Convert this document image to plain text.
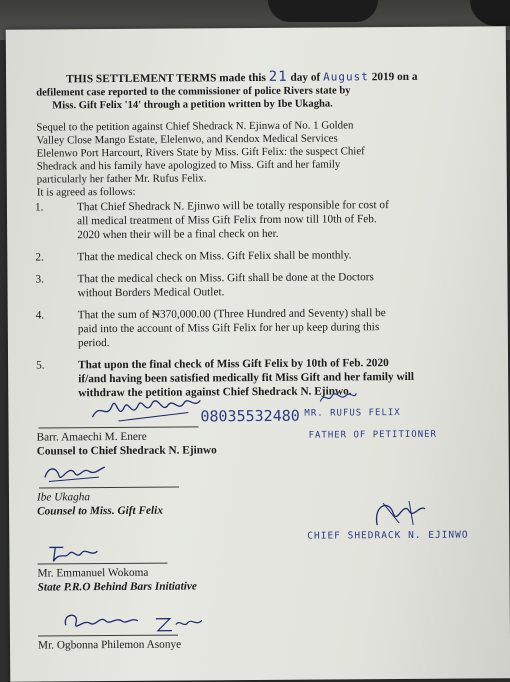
THIS SETTLEMENT TERMS made this 21 day of August 2019 on a
defilement case reported to the commissioner of police Rivers state by
Miss. Gift Felix '14' through a petition written by Ibe Ukagha.
Sequel to the petition against Chief Shedrack N. Ejinwa of No. 1 Golden
Valley Close Mango Estate, Elelenwo, and Kendox Medical Services
Elelenwo Port Harcourt, Rivers State by Miss. Gift Felix: the suspect Chief
Shedrack and his family have apologized to Miss. Gift and her family
particularly her father Mr. Rufus Felix.
It is agreed as follows:
1.	That Chief Shedrack N. Ejinwo will be totally responsible for cost of
all medical treatment of Miss Gift Felix from now till 10th of Feb.
2020 when their will be a final check on her.
2.	That the medical check on Miss. Gift Felix shall be monthly.
3.	That the medical check on Miss. Gift shall be done at the Doctors
without Borders Medical Outlet.
4.	That the sum of ₦370,000.00 (Three Hundred and Seventy) shall be
paid into the account of Miss Gift Felix for her up keep during this
period.
5.	That upon the final check of Miss Gift Felix by 10th of Feb. 2020
if/and having been satisfied medically fit Miss Gift and her family will
withdraw the petition against Chief Shedrack N. Ejinwo.
Barr. Amaechi M. Enere
Counsel to Chief Shedrack N. Ejinwo
08035532480 MR. RUFUS FELIX
FATHER OF PETITIONER
Ibe Ukagha
Counsel to Miss. Gift Felix
CHIEF SHEDRACK N. EJINWO
Mr. Emmanuel Wokoma
State P.R.O Behind Bars Initiative
Mr. Ogbonna Philemon Asonye
